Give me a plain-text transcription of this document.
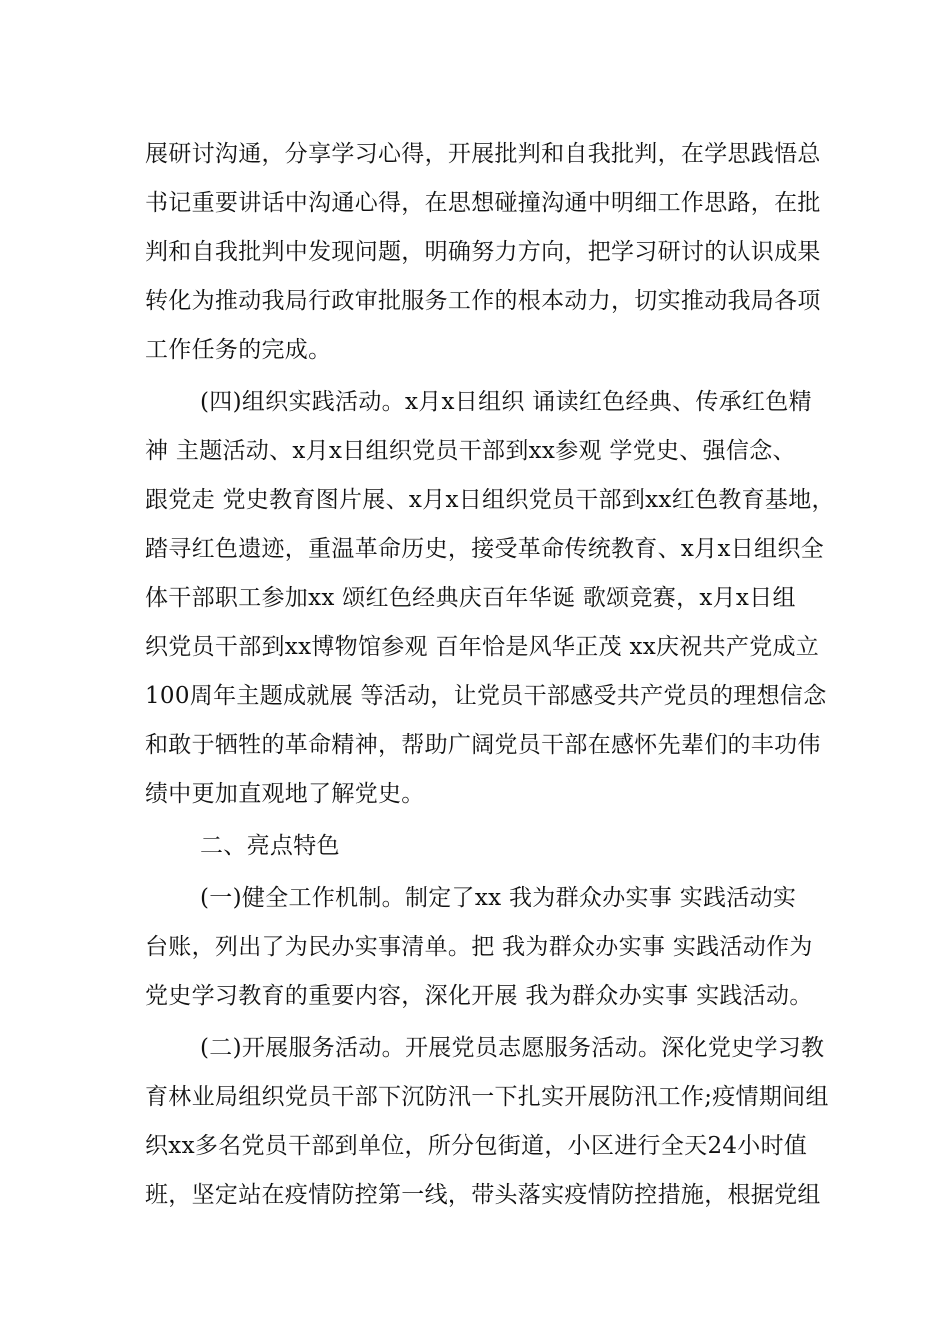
展研讨沟通，分享学习心得，开展批判和自我批判，在学思践悟总
书记重要讲话中沟通心得，在思想碰撞沟通中明细工作思路，在批
判和自我批判中发现问题，明确努力方向，把学习研讨的认识成果
转化为推动我局行政审批服务工作的根本动力，切实推动我局各项
工作任务的完成。
(四)组织实践活动。x月x日组织 诵读红色经典、传承红色精
神 主题活动、x月x日组织党员干部到xx参观 学党史、强信念、
跟党走 党史教育图片展、x月x日组织党员干部到xx红色教育基地，
踏寻红色遗迹，重温革命历史，接受革命传统教育、x月x日组织全
体干部职工参加xx 颂红色经典庆百年华诞 歌颂竞赛，x月x日组
织党员干部到xx博物馆参观 百年恰是风华正茂 xx庆祝共产党成立
100周年主题成就展 等活动，让党员干部感受共产党员的理想信念
和敢于牺牲的革命精神，帮助广阔党员干部在感怀先辈们的丰功伟
绩中更加直观地了解党史。
二、亮点特色
(一)健全工作机制。制定了xx 我为群众办实事 实践活动实
台账，列出了为民办实事清单。把 我为群众办实事 实践活动作为
党史学习教育的重要内容，深化开展 我为群众办实事 实践活动。
(二)开展服务活动。开展党员志愿服务活动。深化党史学习教
育林业局组织党员干部下沉防汛一下扎实开展防汛工作;疫情期间组
织xx多名党员干部到单位，所分包街道，小区进行全天24小时值
班，坚定站在疫情防控第一线，带头落实疫情防控措施，根据党组
